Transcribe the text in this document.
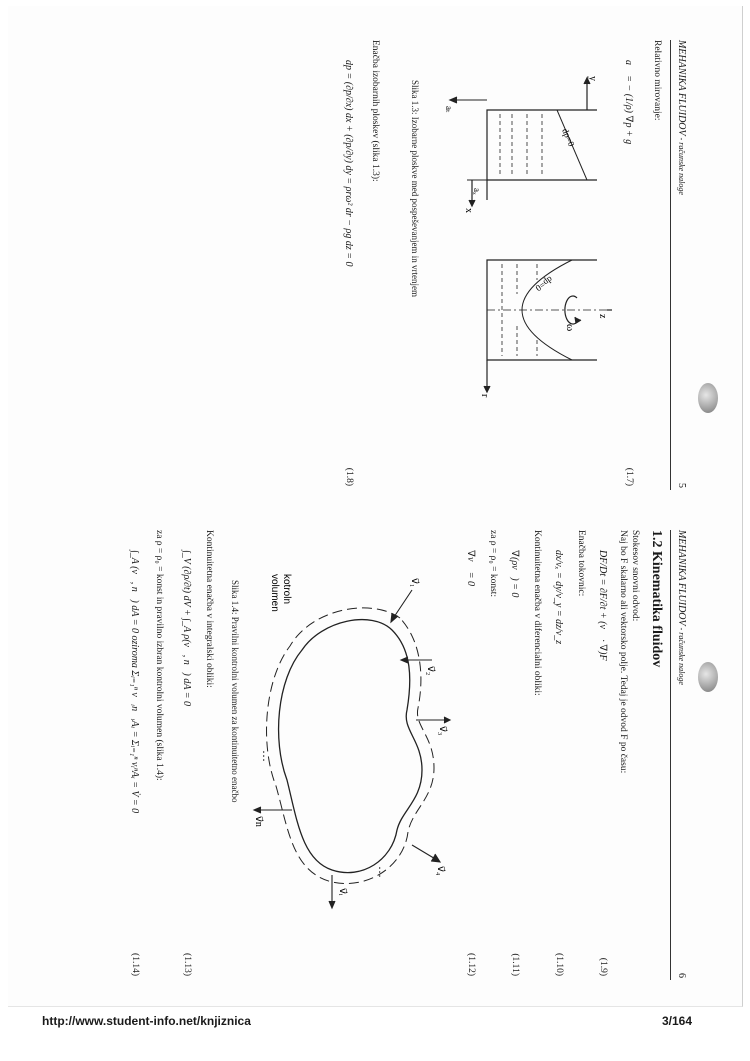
MEHANIKA FLUIDOV - računske naloge
5
Relativno mirovanje:
a⃗ = − (1/ρ) ∇p + g⃗
(1.7)
y
x
aₓ
aₜ
dp=0
z
ω
r
dp=0
Slika 1.3: Izobarne ploskve med pospeševanjem in vrtenjem
Enačba izobarnih ploskev (slika 1.3):
dp = (∂p/∂x) dx + (∂p/∂y) dy = ρrω² dr − ρg dz = 0
(1.8)
MEHANIKA FLUIDOV - računske naloge
6
1.2 Kinematika fluidov
Stokesov snovni odvod:
Naj bo F skalarno ali vektorsko polje. Tedaj je odvod F po času:
DF/Dt = ∂F/∂t + (v⃗ · ∇)F
(1.9)
Enačba tokovnic:
dx/vₓ = dy/v_y = dz/v_z
(1.10)
Kontinuitetna enačba v diferencialni obliki:
∇(ρv⃗) = 0
(1.11)
za ρ = ρ₀ = konst:
∇v⃗ = 0
(1.12)
v⃗₁
v⃗₂
v⃗₃
v⃗₄
v⃗ᵢ
v⃗n
kotroln
volumen
···
···
Slika 1.4: Pravilni kontrolni volumen za kontinuitetno enačbo
Kontinuitetna enačba v integralski obliki:
∫_V (∂ρ/∂t) dV + ∫_A ρ(v⃗, n⃗) dA = 0
(1.13)
za ρ = ρ₀ = konst in pravilno izbran kontrolni volumen (slika 1.4):
∫_A (v⃗, n⃗) dA = 0 oziroma Σᵢ₌₁ⁿ v⃗ᵢn⃗ᵢAᵢ = Σᵢ₌₁ⁿ vᵢⁿAᵢ = V̇ = 0
(1.14)
http://www.student-info.net/knjiznica	3/164
